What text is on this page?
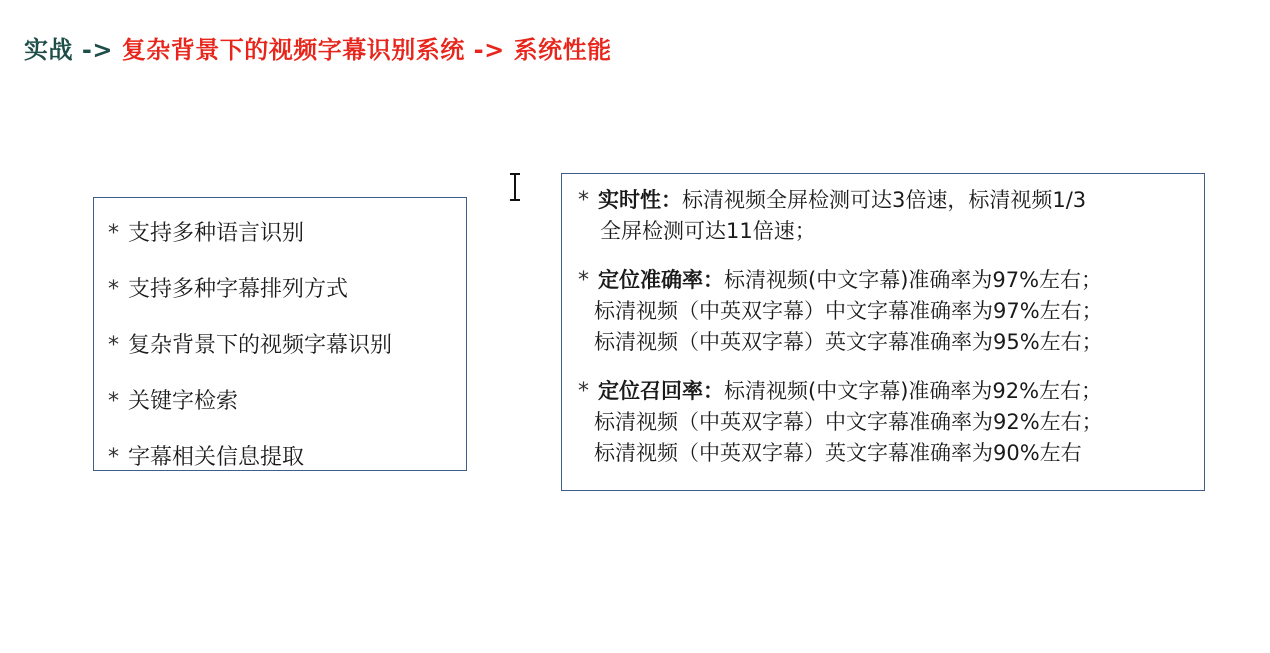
实战 -> 复杂背景下的视频字幕识别系统 -> 系统性能
* 支持多种语言识别
* 支持多种字幕排列方式
* 复杂背景下的视频字幕识别
* 关键字检索
* 字幕相关信息提取
* 实时性：标清视频全屏检测可达3倍速，标清视频1/3
全屏检测可达11倍速；
* 定位准确率：标清视频(中文字幕)准确率为97%左右；
标清视频（中英双字幕）中文字幕准确率为97%左右；
标清视频（中英双字幕）英文字幕准确率为95%左右；
* 定位召回率：标清视频(中文字幕)准确率为92%左右；
标清视频（中英双字幕）中文字幕准确率为92%左右；
标清视频（中英双字幕）英文字幕准确率为90%左右
